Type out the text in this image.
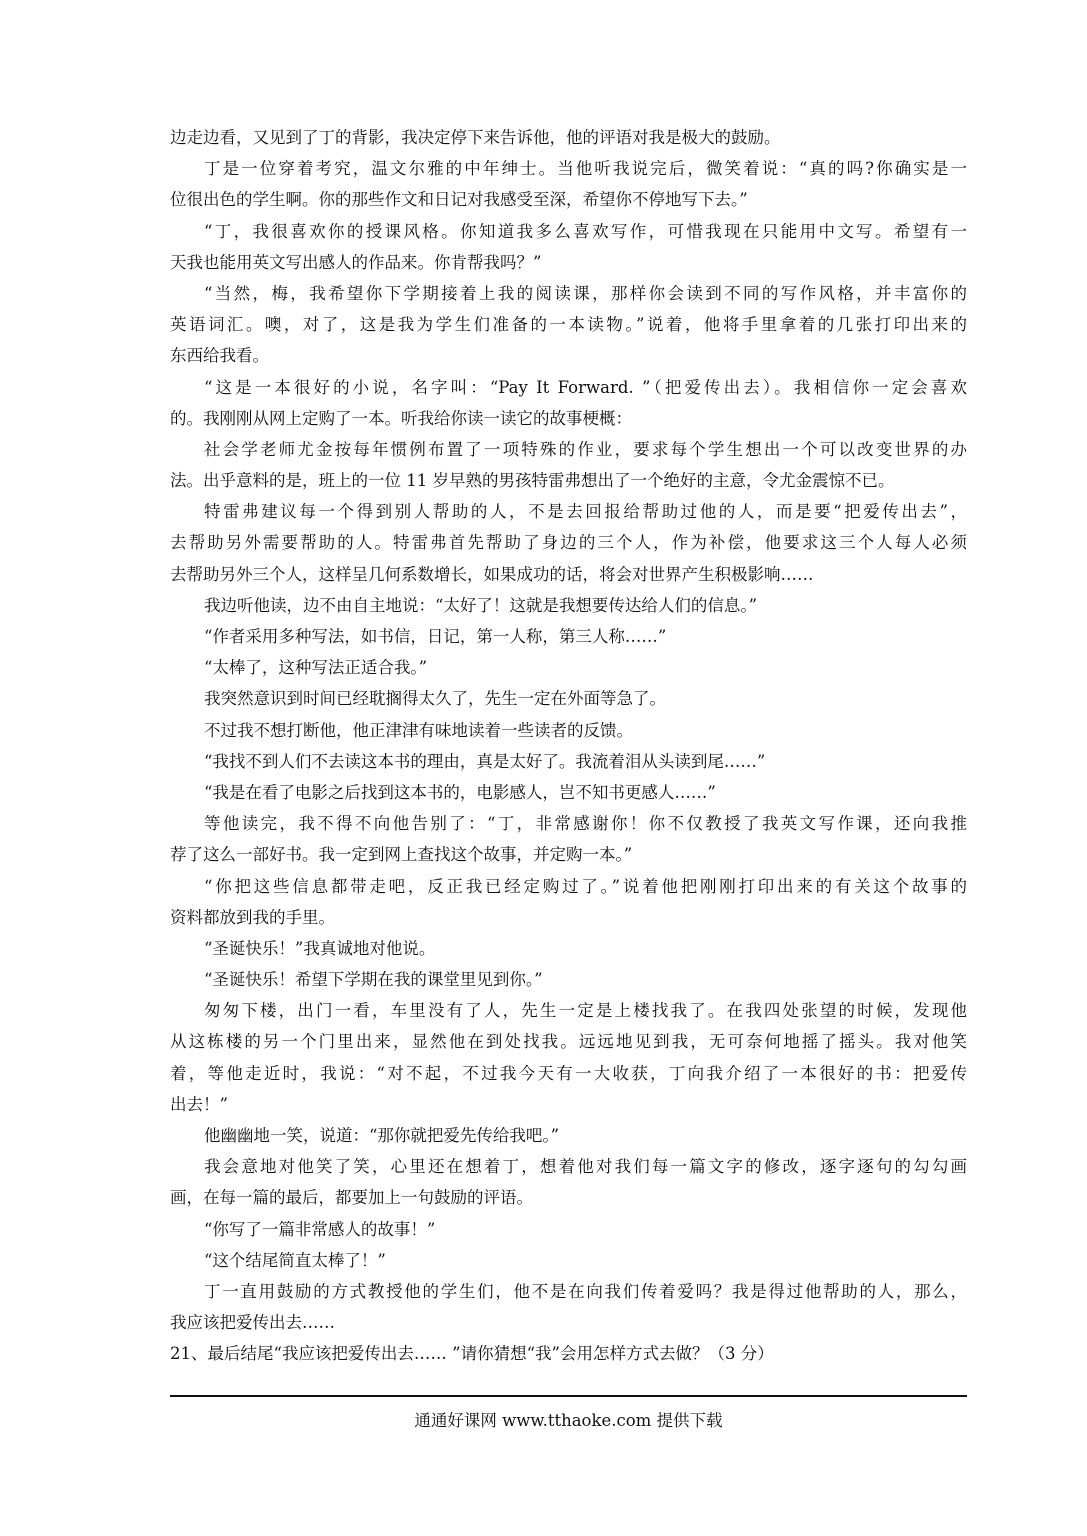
边走边看，又见到了丁的背影，我决定停下来告诉他，他的评语对我是极大的鼓励。
丁是一位穿着考究，温文尔雅的中年绅士。当他听我说完后，微笑着说：“真的吗?你确实是一
位很出色的学生啊。你的那些作文和日记对我感受至深，希望你不停地写下去。”
“丁，我很喜欢你的授课风格。你知道我多么喜欢写作，可惜我现在只能用中文写。希望有一
天我也能用英文写出感人的作品来。你肯帮我吗？”
“当然，梅，我希望你下学期接着上我的阅读课，那样你会读到不同的写作风格，并丰富你的
英语词汇。噢，对了，这是我为学生们准备的一本读物。”说着，他将手里拿着的几张打印出来的
东西给我看。
“这是一本很好的小说，名字叫：“Pay It Forward. ”（把爱传出去）。我相信你一定会喜欢
的。我刚刚从网上定购了一本。听我给你读一读它的故事梗概：
社会学老师尤金按每年惯例布置了一项特殊的作业，要求每个学生想出一个可以改变世界的办
法。出乎意料的是，班上的一位 11 岁早熟的男孩特雷弗想出了一个绝好的主意，令尤金震惊不已。
特雷弗建议每一个得到别人帮助的人，不是去回报给帮助过他的人，而是要“把爱传出去”，
去帮助另外需要帮助的人。特雷弗首先帮助了身边的三个人，作为补偿，他要求这三个人每人必须
去帮助另外三个人，这样呈几何系数增长，如果成功的话，将会对世界产生积极影响……
我边听他读，边不由自主地说：“太好了！这就是我想要传达给人们的信息。”
“作者采用多种写法，如书信，日记，第一人称，第三人称……”
“太棒了，这种写法正适合我。”
我突然意识到时间已经耽搁得太久了，先生一定在外面等急了。
不过我不想打断他，他正津津有味地读着一些读者的反馈。
“我找不到人们不去读这本书的理由，真是太好了。我流着泪从头读到尾……”
“我是在看了电影之后找到这本书的，电影感人，岂不知书更感人……”
等他读完，我不得不向他告别了：“丁，非常感谢你！你不仅教授了我英文写作课，还向我推
荐了这么一部好书。我一定到网上查找这个故事，并定购一本。”
“你把这些信息都带走吧，反正我已经定购过了。”说着他把刚刚打印出来的有关这个故事的
资料都放到我的手里。
“圣诞快乐！”我真诚地对他说。
“圣诞快乐！希望下学期在我的课堂里见到你。”
匆匆下楼，出门一看，车里没有了人，先生一定是上楼找我了。在我四处张望的时候，发现他
从这栋楼的另一个门里出来，显然他在到处找我。远远地见到我，无可奈何地摇了摇头。我对他笑
着，等他走近时，我说：“对不起，不过我今天有一大收获，丁向我介绍了一本很好的书：把爱传
出去！”
他幽幽地一笑，说道：“那你就把爱先传给我吧。”
我会意地对他笑了笑，心里还在想着丁，想着他对我们每一篇文字的修改，逐字逐句的勾勾画
画，在每一篇的最后，都要加上一句鼓励的评语。
“你写了一篇非常感人的故事！”
“这个结尾简直太棒了！”
丁一直用鼓励的方式教授他的学生们，他不是在向我们传着爱吗？我是得过他帮助的人，那么，
我应该把爱传出去……
21、最后结尾“我应该把爱传出去…… ”请你猜想“我”会用怎样方式去做？（3 分）
通通好课网 www.tthaoke.com 提供下载
